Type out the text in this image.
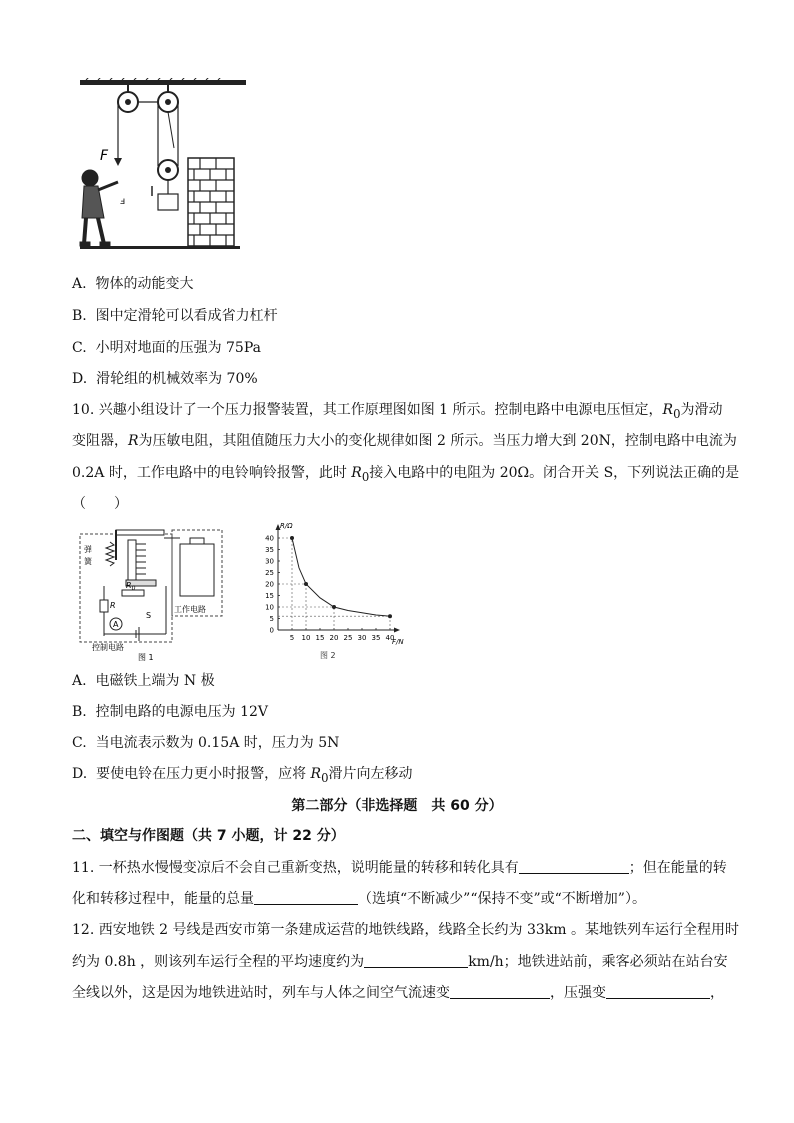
F
ⅎ
A. 物体的动能变大
B. 图中定滑轮可以看成省力杠杆
C. 小明对地面的压强为 75Pa
D. 滑轮组的机械效率为 70%
10. 兴趣小组设计了一个压力报警装置，其工作原理图如图 1 所示。控制电路中电源电压恒定，$R_0$为滑动
变阻器，R为压敏电阻，其阻值随压力大小的变化规律如图 2 所示。当压力增大到 20N，控制电路中电流为
0.2A 时，工作电路中的电铃响铃报警，此时 $R_0$接入电路中的电阻为 20Ω。闭合开关 S，下列说法正确的是
（　　）
弹
簧
$R_0$
R
S
A
控制电路
工作电路
图 1
R/Ω
F/N
0
5
10
15
20
25
30
35
40
5 10 15 20 25 30 35 40
图 2
A. 电磁铁上端为 N 极
B. 控制电路的电源电压为 12V
C. 当电流表示数为 0.15A 时，压力为 5N
D. 要使电铃在压力更小时报警，应将 $R_0$滑片向左移动
第二部分（非选择题　共 60 分）
二、填空与作图题（共 7 小题，计 22 分）
11. 一杯热水慢慢变凉后不会自己重新变热，说明能量的转移和转化具有	；但在能量的转
化和转移过程中，能量的总量	（选填“不断减少”“保持不变”或“不断增加”）。
12. 西安地铁 2 号线是西安市第一条建成运营的地铁线路，线路全长约为 33km 。某地铁列车运行全程用时
约为 0.8h ，则该列车运行全程的平均速度约为	km/h；地铁进站前，乘客必须站在站台安
全线以外，这是因为地铁进站时，列车与人体之间空气流速变	，压强变	，
